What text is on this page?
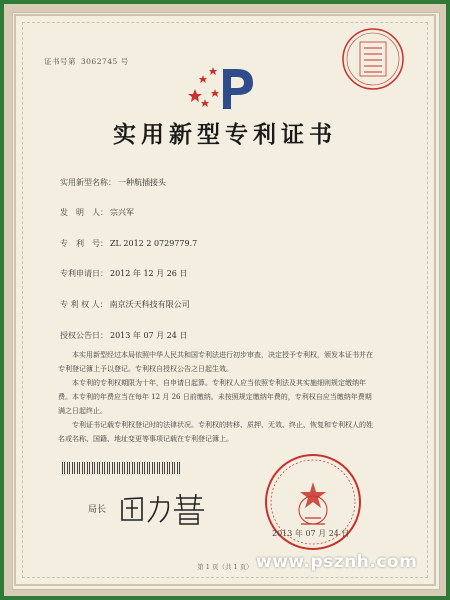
证书号第 3062745 号
实用新型专利证书
实用新型名称： 一种航插接头
发　明　人： 宗兴军
专　利　号： ZL 2012 2 0729779.7
专利申请日： 2012 年 12 月 26 日
专 利 权 人： 南京沃天科技有限公司
授权公告日： 2013 年 07 月 24 日
本实用新型经过本局依照中华人民共和国专利法进行初步审查，决定授予专利权，颁发本证书并在专利登记簿上予以登记。专利权自授权公告之日起生效。
本专利的专利权期限为十年，自申请日起算。专利权人应当依照专利法及其实施细则规定缴纳年费。本专利的年费应当在每年 12 月 26 日前缴纳。未按照规定缴纳年费的，专利权自应当缴纳年费期满之日起终止。
专利证书记载专利权登记时的法律状况。专利权的转移、质押、无效、终止、恢复和专利权人的姓名或名称、国籍、地址变更等事项记载在专利登记簿上。
局长
2013 年 07 月 24 日
第 1 页（共 1 页） www.psznh.com
